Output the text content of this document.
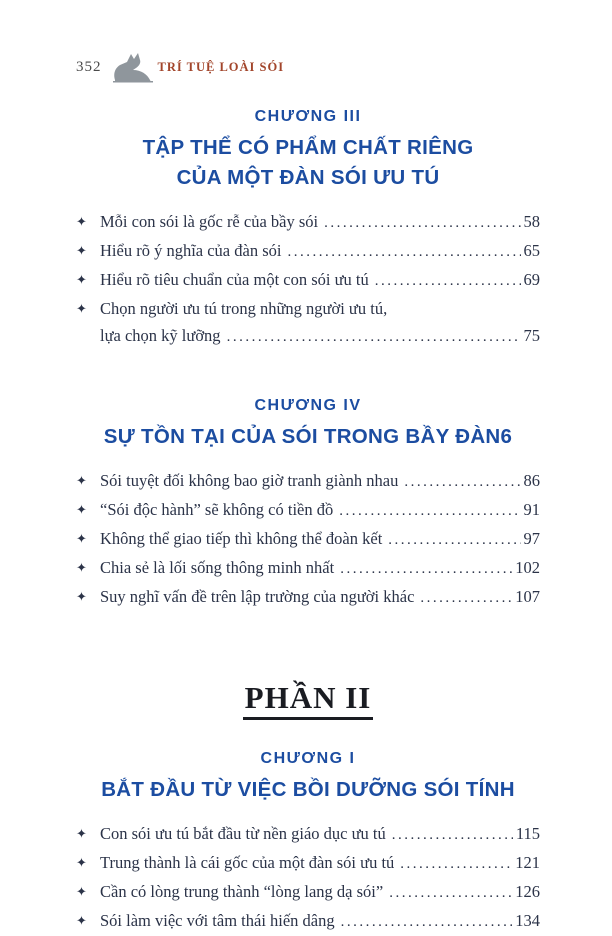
352	TRÍ TUỆ LOÀI SÓI
CHƯƠNG III
TẬP THỂ CÓ PHẨM CHẤT RIÊNG
CỦA MỘT ĐÀN SÓI ƯU TÚ
✦ Mỗi con sói là gốc rễ của bầy sói .....	58
✦ Hiểu rõ ý nghĩa của đàn sói .....	65
✦ Hiểu rõ tiêu chuẩn của một con sói ưu tú .....	69
✦ Chọn người ưu tú trong những người ưu tú,
lựa chọn kỹ lưỡng .....	75
CHƯƠNG IV
SỰ TỒN TẠI CỦA SÓI TRONG BẦY ĐÀN6
✦ Sói tuyệt đối không bao giờ tranh giành nhau .....	86
✦ “Sói độc hành” sẽ không có tiền đồ .....	91
✦ Không thể giao tiếp thì không thể đoàn kết .....	97
✦ Chia sẻ là lối sống thông minh nhất .....	102
✦ Suy nghĩ vấn đề trên lập trường của người khác .....	107
PHẦN II
CHƯƠNG I
BẮT ĐẦU TỪ VIỆC BỒI DƯỠNG SÓI TÍNH
✦ Con sói ưu tú bắt đầu từ nền giáo dục ưu tú .....	115
✦ Trung thành là cái gốc của một đàn sói ưu tú .....	121
✦ Cần có lòng trung thành “lòng lang dạ sói” .....	126
✦ Sói làm việc với tâm thái hiến dâng .....	134
